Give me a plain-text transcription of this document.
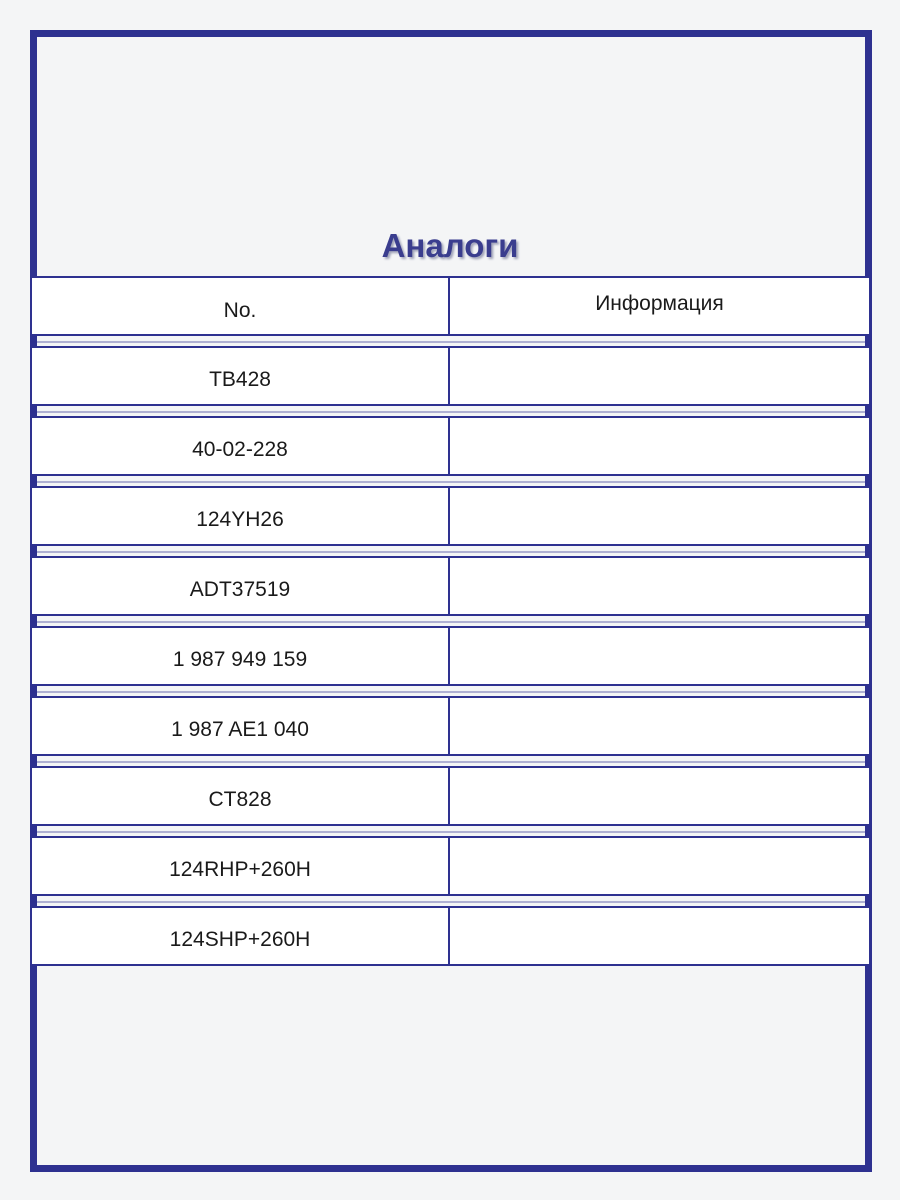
Аналоги
No.	Информация
TB428
40-02-228
124YH26
ADT37519
1 987 949 159
1 987 AE1 040
CT828
124RHP+260H
124SHP+260H
